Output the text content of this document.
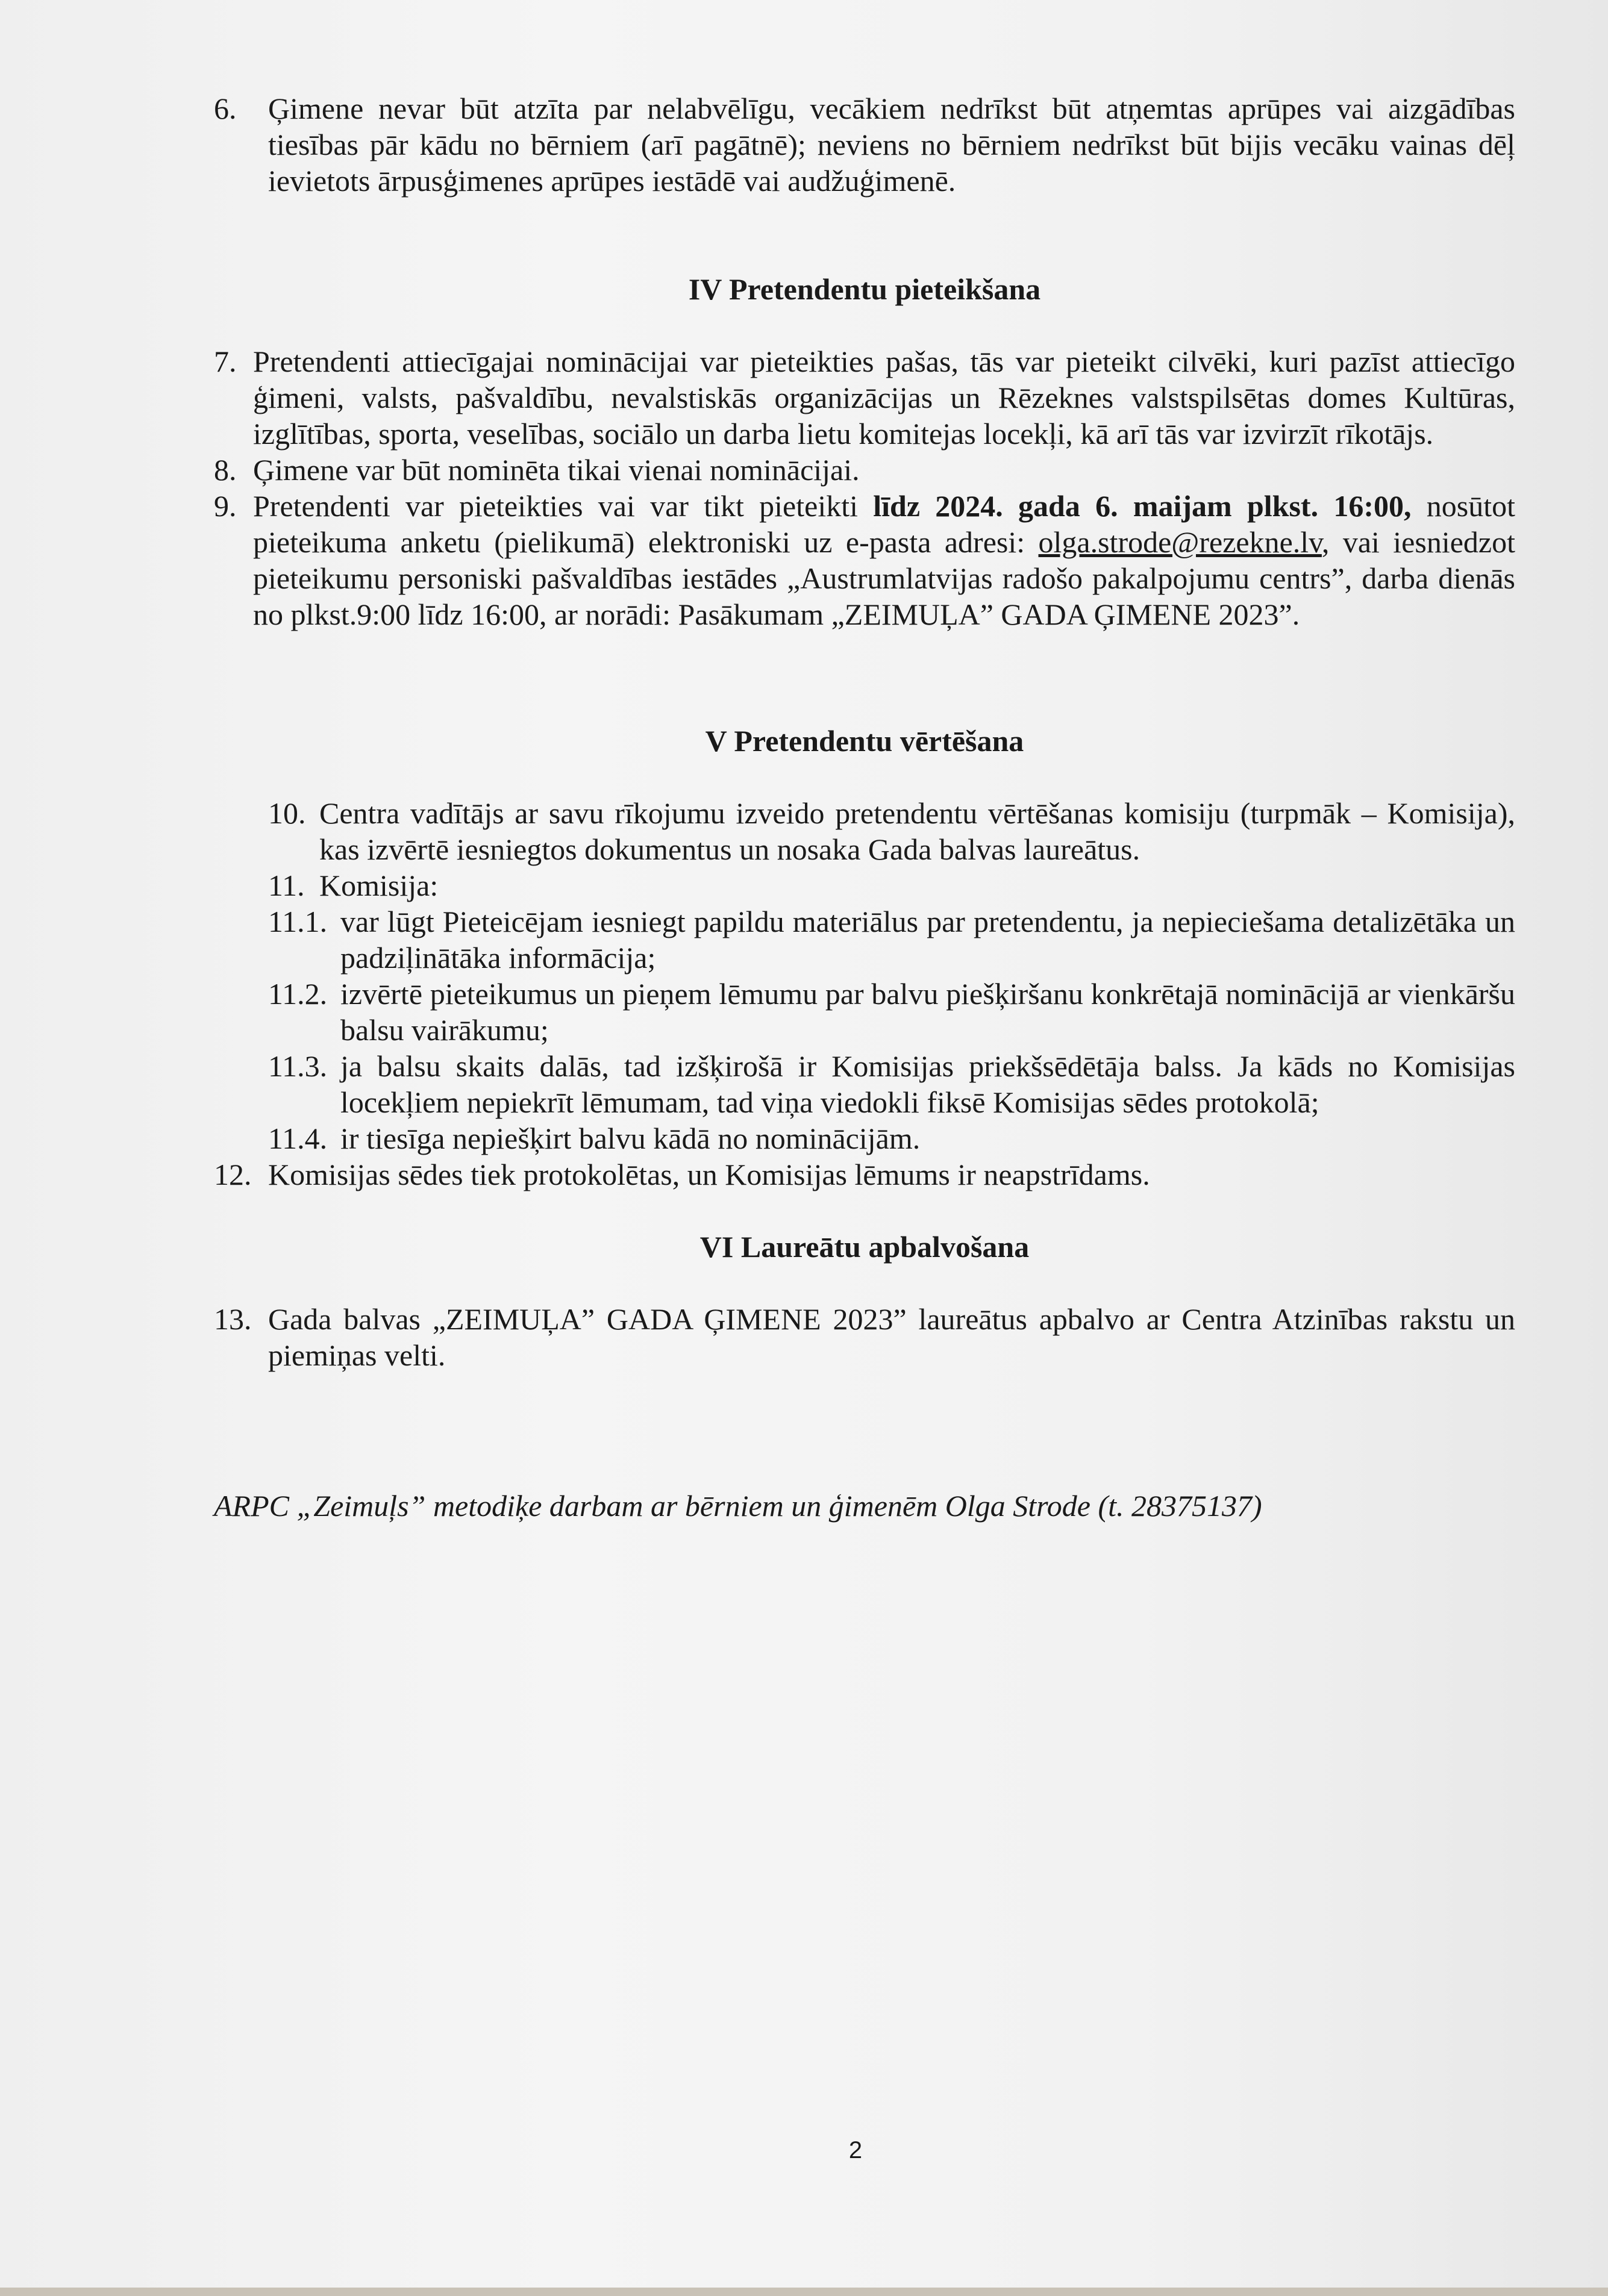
6. Ģimene nevar būt atzīta par nelabvēlīgu, vecākiem nedrīkst būt atņemtas aprūpes vai aizgādības tiesības pār kādu no bērniem (arī pagātnē); neviens no bērniem nedrīkst būt bijis vecāku vainas dēļ ievietots ārpusģimenes aprūpes iestādē vai audžuģimenē.
IV Pretendentu pieteikšana
7. Pretendenti attiecīgajai nominācijai var pieteikties pašas, tās var pieteikt cilvēki, kuri pazīst attiecīgo ģimeni, valsts, pašvaldību, nevalstiskās organizācijas un Rēzeknes valstspilsētas domes Kultūras, izglītības, sporta, veselības, sociālo un darba lietu komitejas locekļi, kā arī tās var izvirzīt rīkotājs.
8. Ģimene var būt nominēta tikai vienai nominācijai.
9. Pretendenti var pieteikties vai var tikt pieteikti līdz 2024. gada 6. maijam plkst. 16:00, nosūtot pieteikuma anketu (pielikumā) elektroniski uz e-pasta adresi: olga.strode@rezekne.lv, vai iesniedzot pieteikumu personiski pašvaldības iestādes „Austrumlatvijas radošo pakalpojumu centrs”, darba dienās no plkst.9:00 līdz 16:00, ar norādi: Pasākumam „ZEIMUĻA” GADA ĢIMENE 2023”.
V Pretendentu vērtēšana
10. Centra vadītājs ar savu rīkojumu izveido pretendentu vērtēšanas komisiju (turpmāk – Komisija), kas izvērtē iesniegtos dokumentus un nosaka Gada balvas laureātus.
11. Komisija:
11.1. var lūgt Pieteicējam iesniegt papildu materiālus par pretendentu, ja nepieciešama detalizētāka un padziļinātāka informācija;
11.2. izvērtē pieteikumus un pieņem lēmumu par balvu piešķiršanu konkrētajā nominācijā ar vienkāršu balsu vairākumu;
11.3. ja balsu skaits dalās, tad izšķirošā ir Komisijas priekšsēdētāja balss. Ja kāds no Komisijas locekļiem nepiekrīt lēmumam, tad viņa viedokli fiksē Komisijas sēdes protokolā;
11.4. ir tiesīga nepiešķirt balvu kādā no nominācijām.
12. Komisijas sēdes tiek protokolētas, un Komisijas lēmums ir neapstrīdams.
VI Laureātu apbalvošana
13. Gada balvas „ZEIMUĻA” GADA ĢIMENE 2023” laureātus apbalvo ar Centra Atzinības rakstu un piemiņas velti.
ARPC „Zeimuļs” metodiķe darbam ar bērniem un ģimenēm Olga Strode (t. 28375137)
2
